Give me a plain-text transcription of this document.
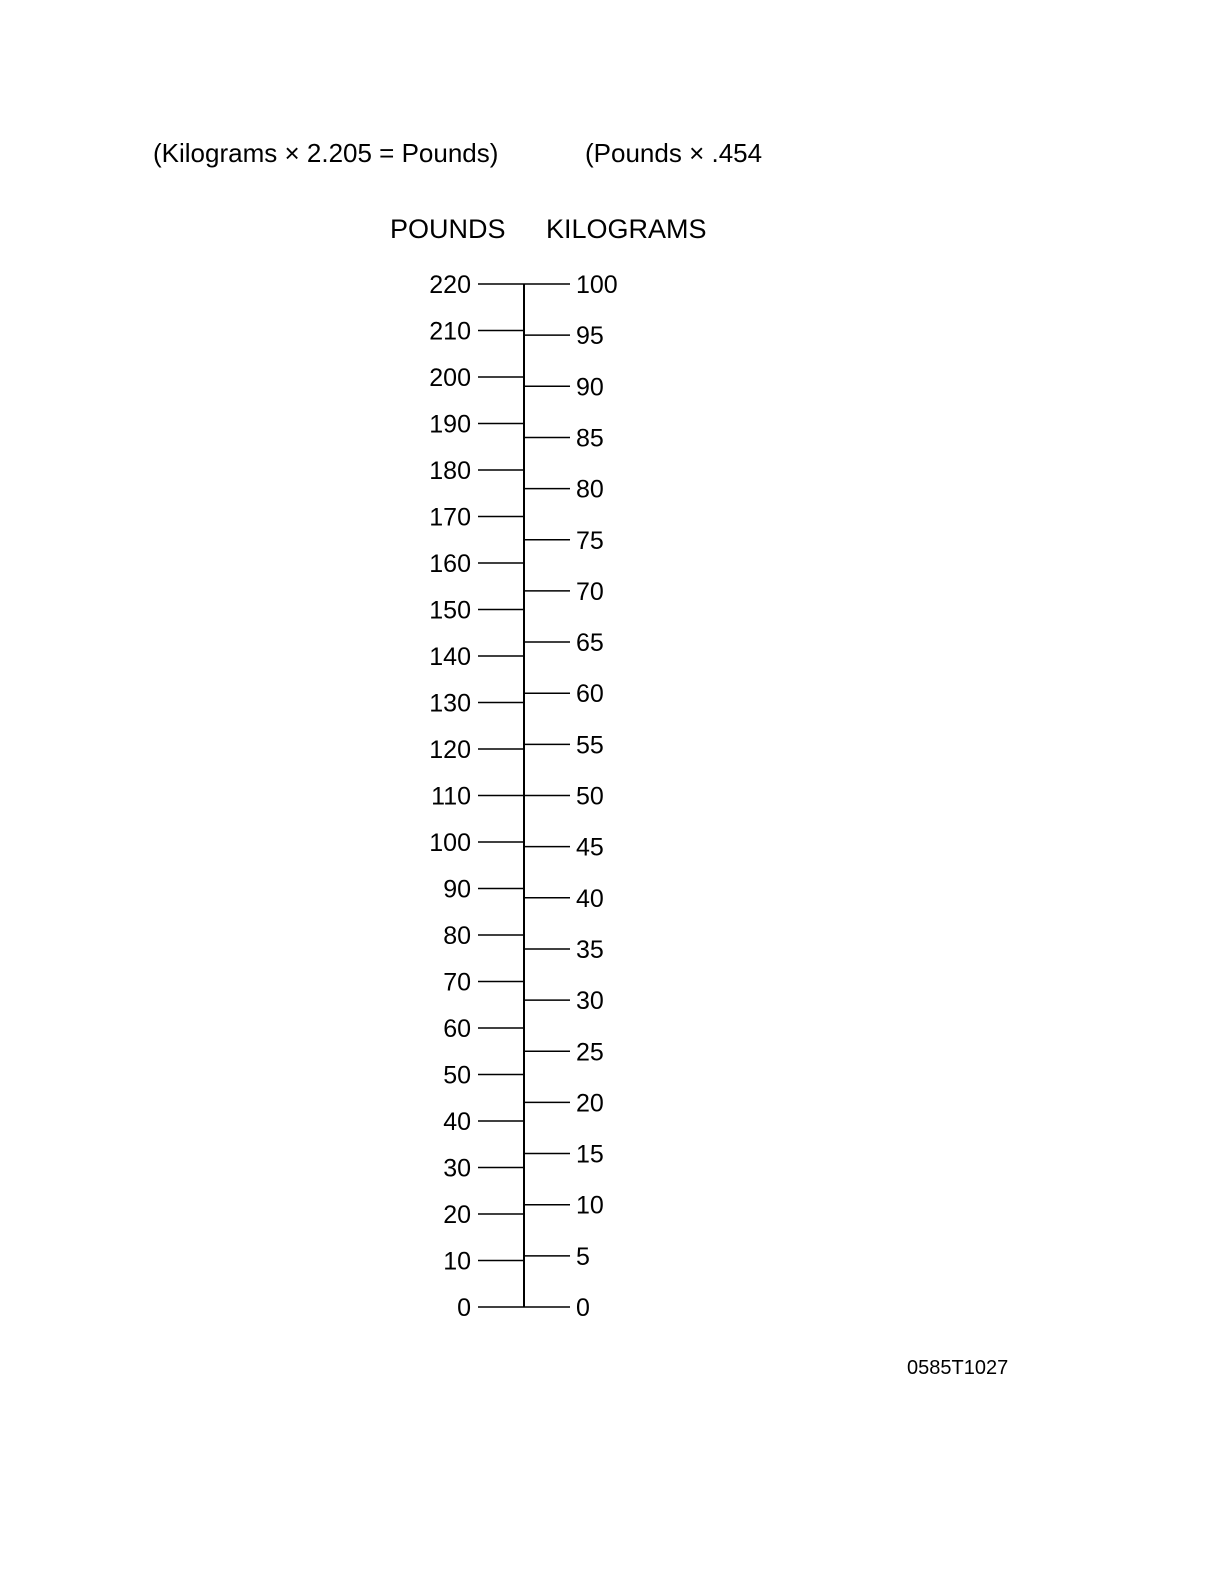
(Kilograms × 2.205 = Pounds)	(Pounds × .454
POUNDS KILOGRAMS
0
10
20
30
40
50
60
70
80
90
100
110
120
130
140
150
160
170
180
190
200
210
220
0
5
10
15
20
25
30
35
40
45
50
55
60
65
70
75
80
85
90
95
100
0585T1027
